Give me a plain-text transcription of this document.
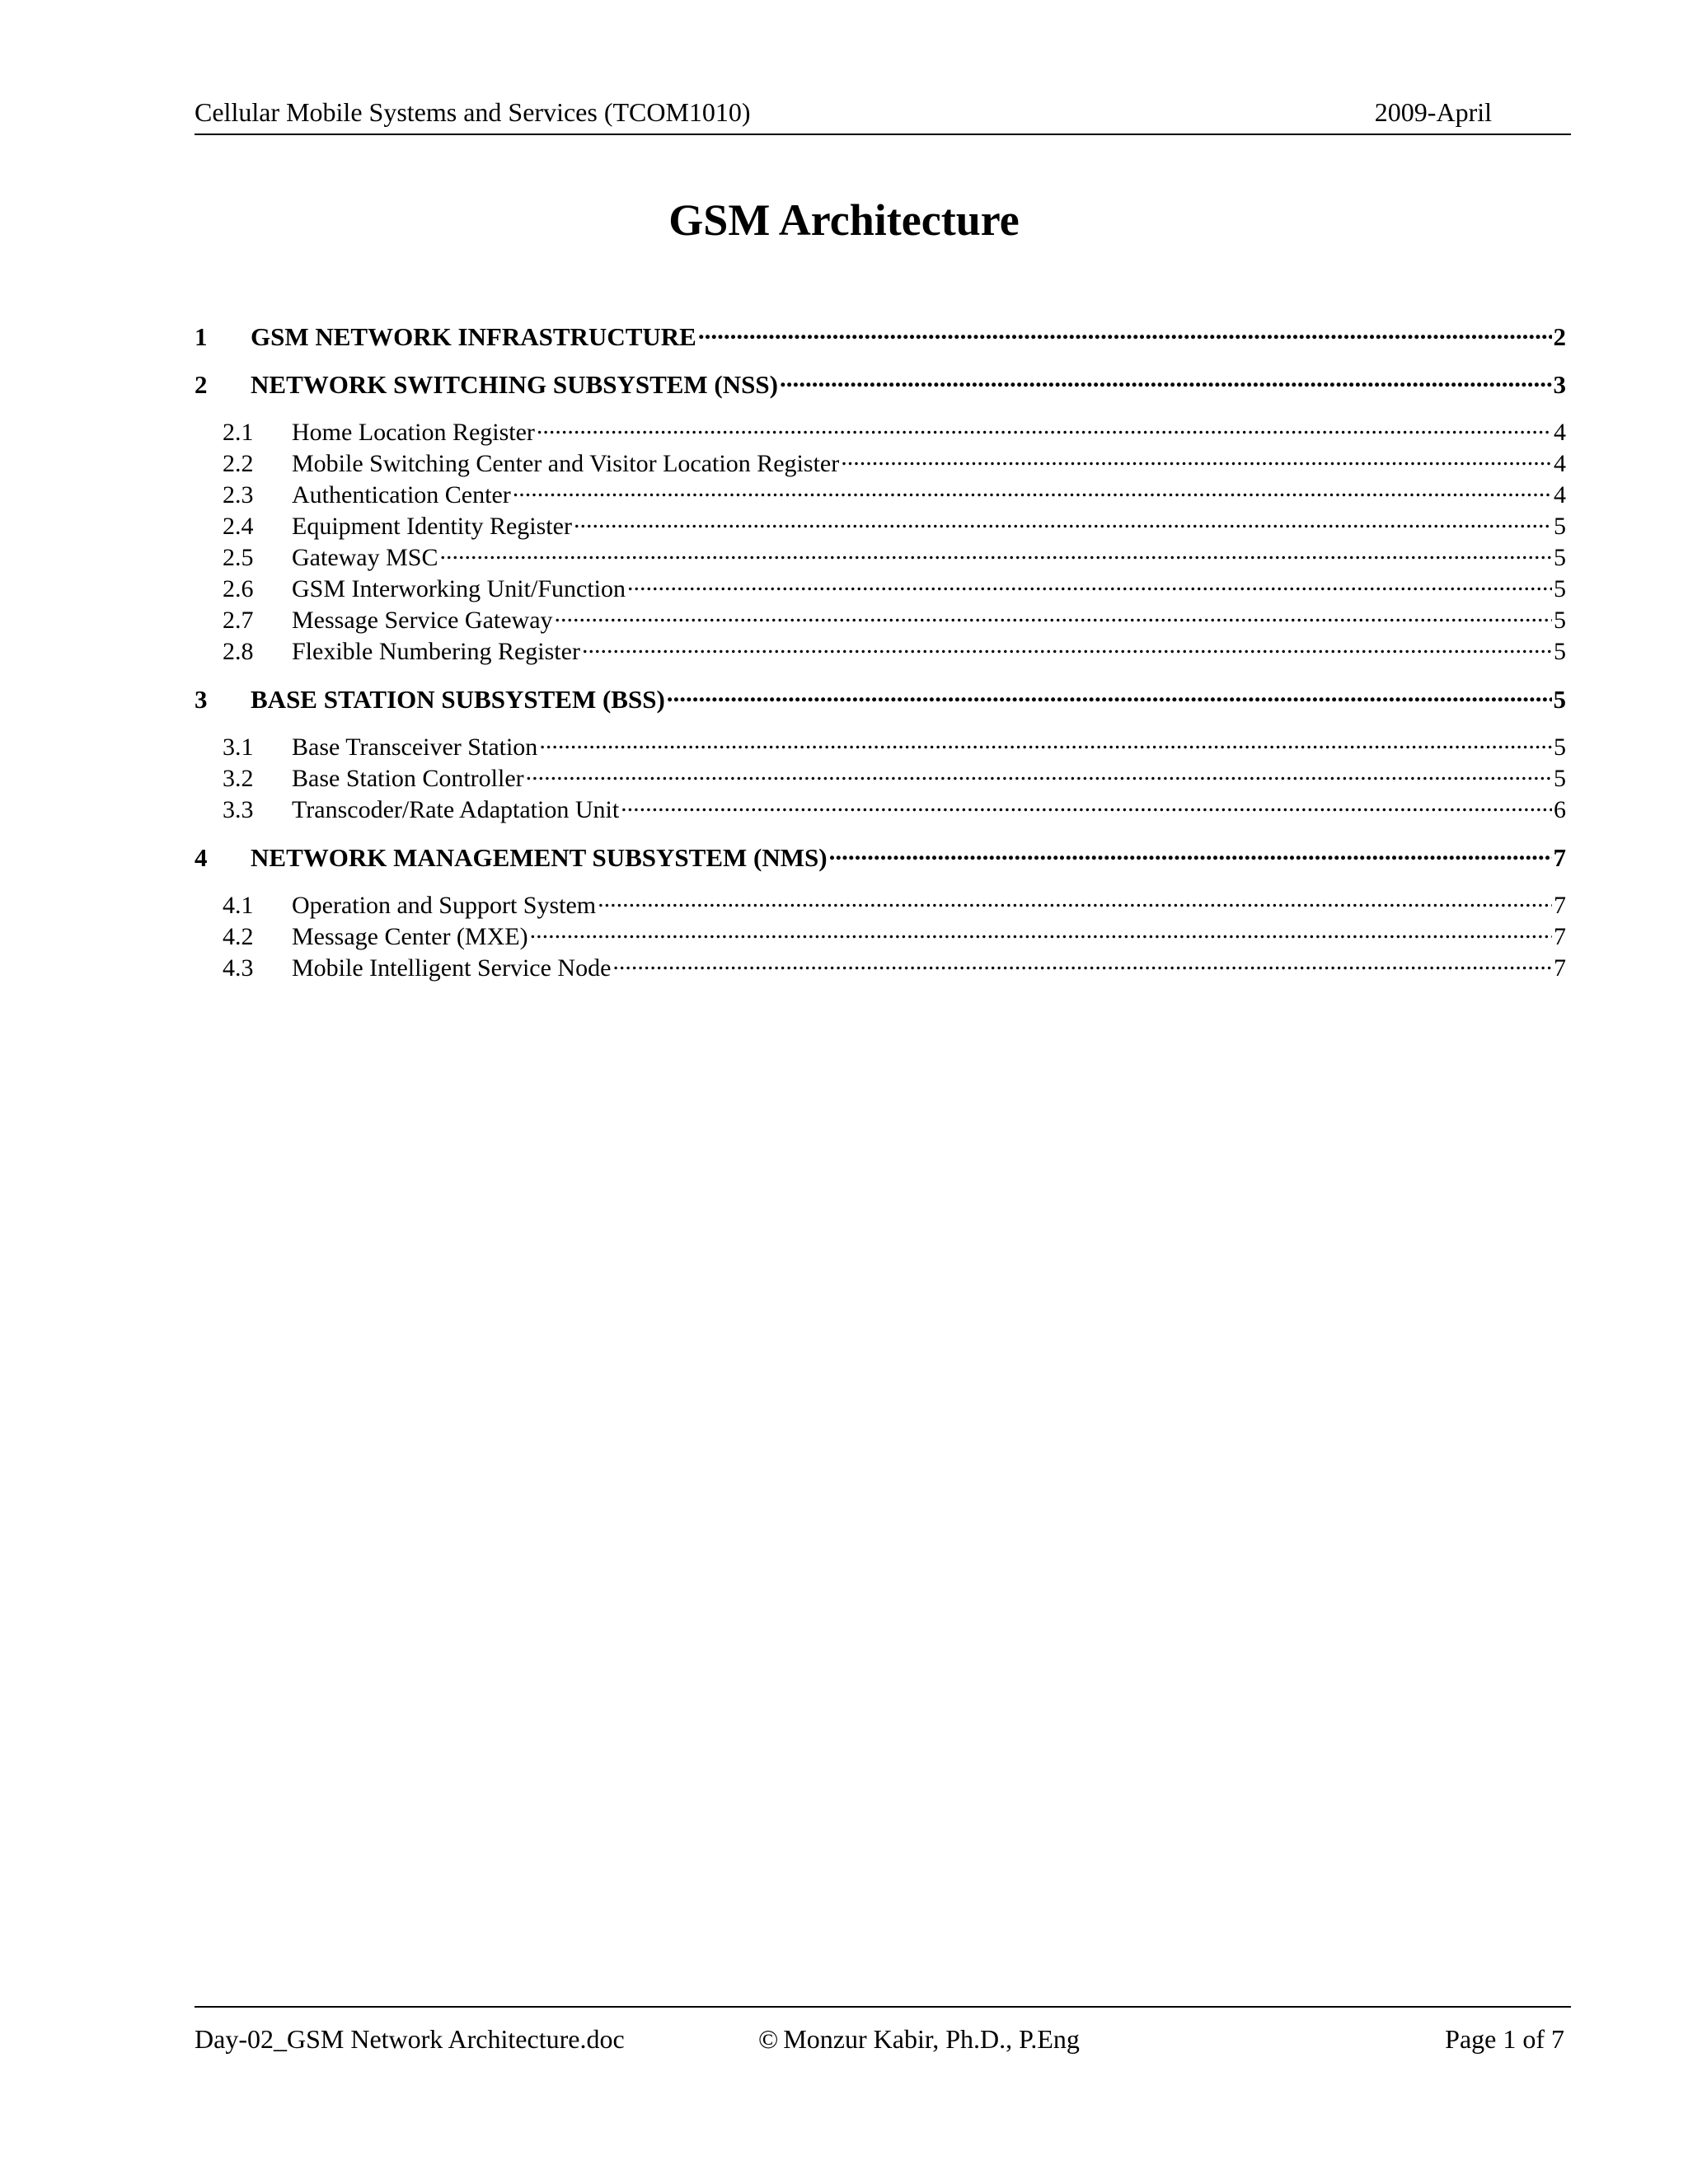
Cellular Mobile Systems and Services (TCOM1010)	2009-April
GSM Architecture
1	GSM NETWORK INFRASTRUCTURE .....	2
2	NETWORK SWITCHING SUBSYSTEM (NSS) .....	3
2.1	Home Location Register .....	4
2.2	Mobile Switching Center and Visitor Location Register .....	4
2.3	Authentication Center .....	4
2.4	Equipment Identity Register .....	5
2.5	Gateway MSC .....	5
2.6	GSM Interworking Unit/Function .....	5
2.7	Message Service Gateway .....	5
2.8	Flexible Numbering Register .....	5
3	BASE STATION SUBSYSTEM (BSS) .....	5
3.1	Base Transceiver Station .....	5
3.2	Base Station Controller .....	5
3.3	Transcoder/Rate Adaptation Unit .....	6
4	NETWORK MANAGEMENT SUBSYSTEM (NMS) .....	7
4.1	Operation and Support System .....	7
4.2	Message Center (MXE) .....	7
4.3	Mobile Intelligent Service Node .....	7
Day-02_GSM Network Architecture.doc	© Monzur Kabir, Ph.D., P.Eng	Page 1 of 7
